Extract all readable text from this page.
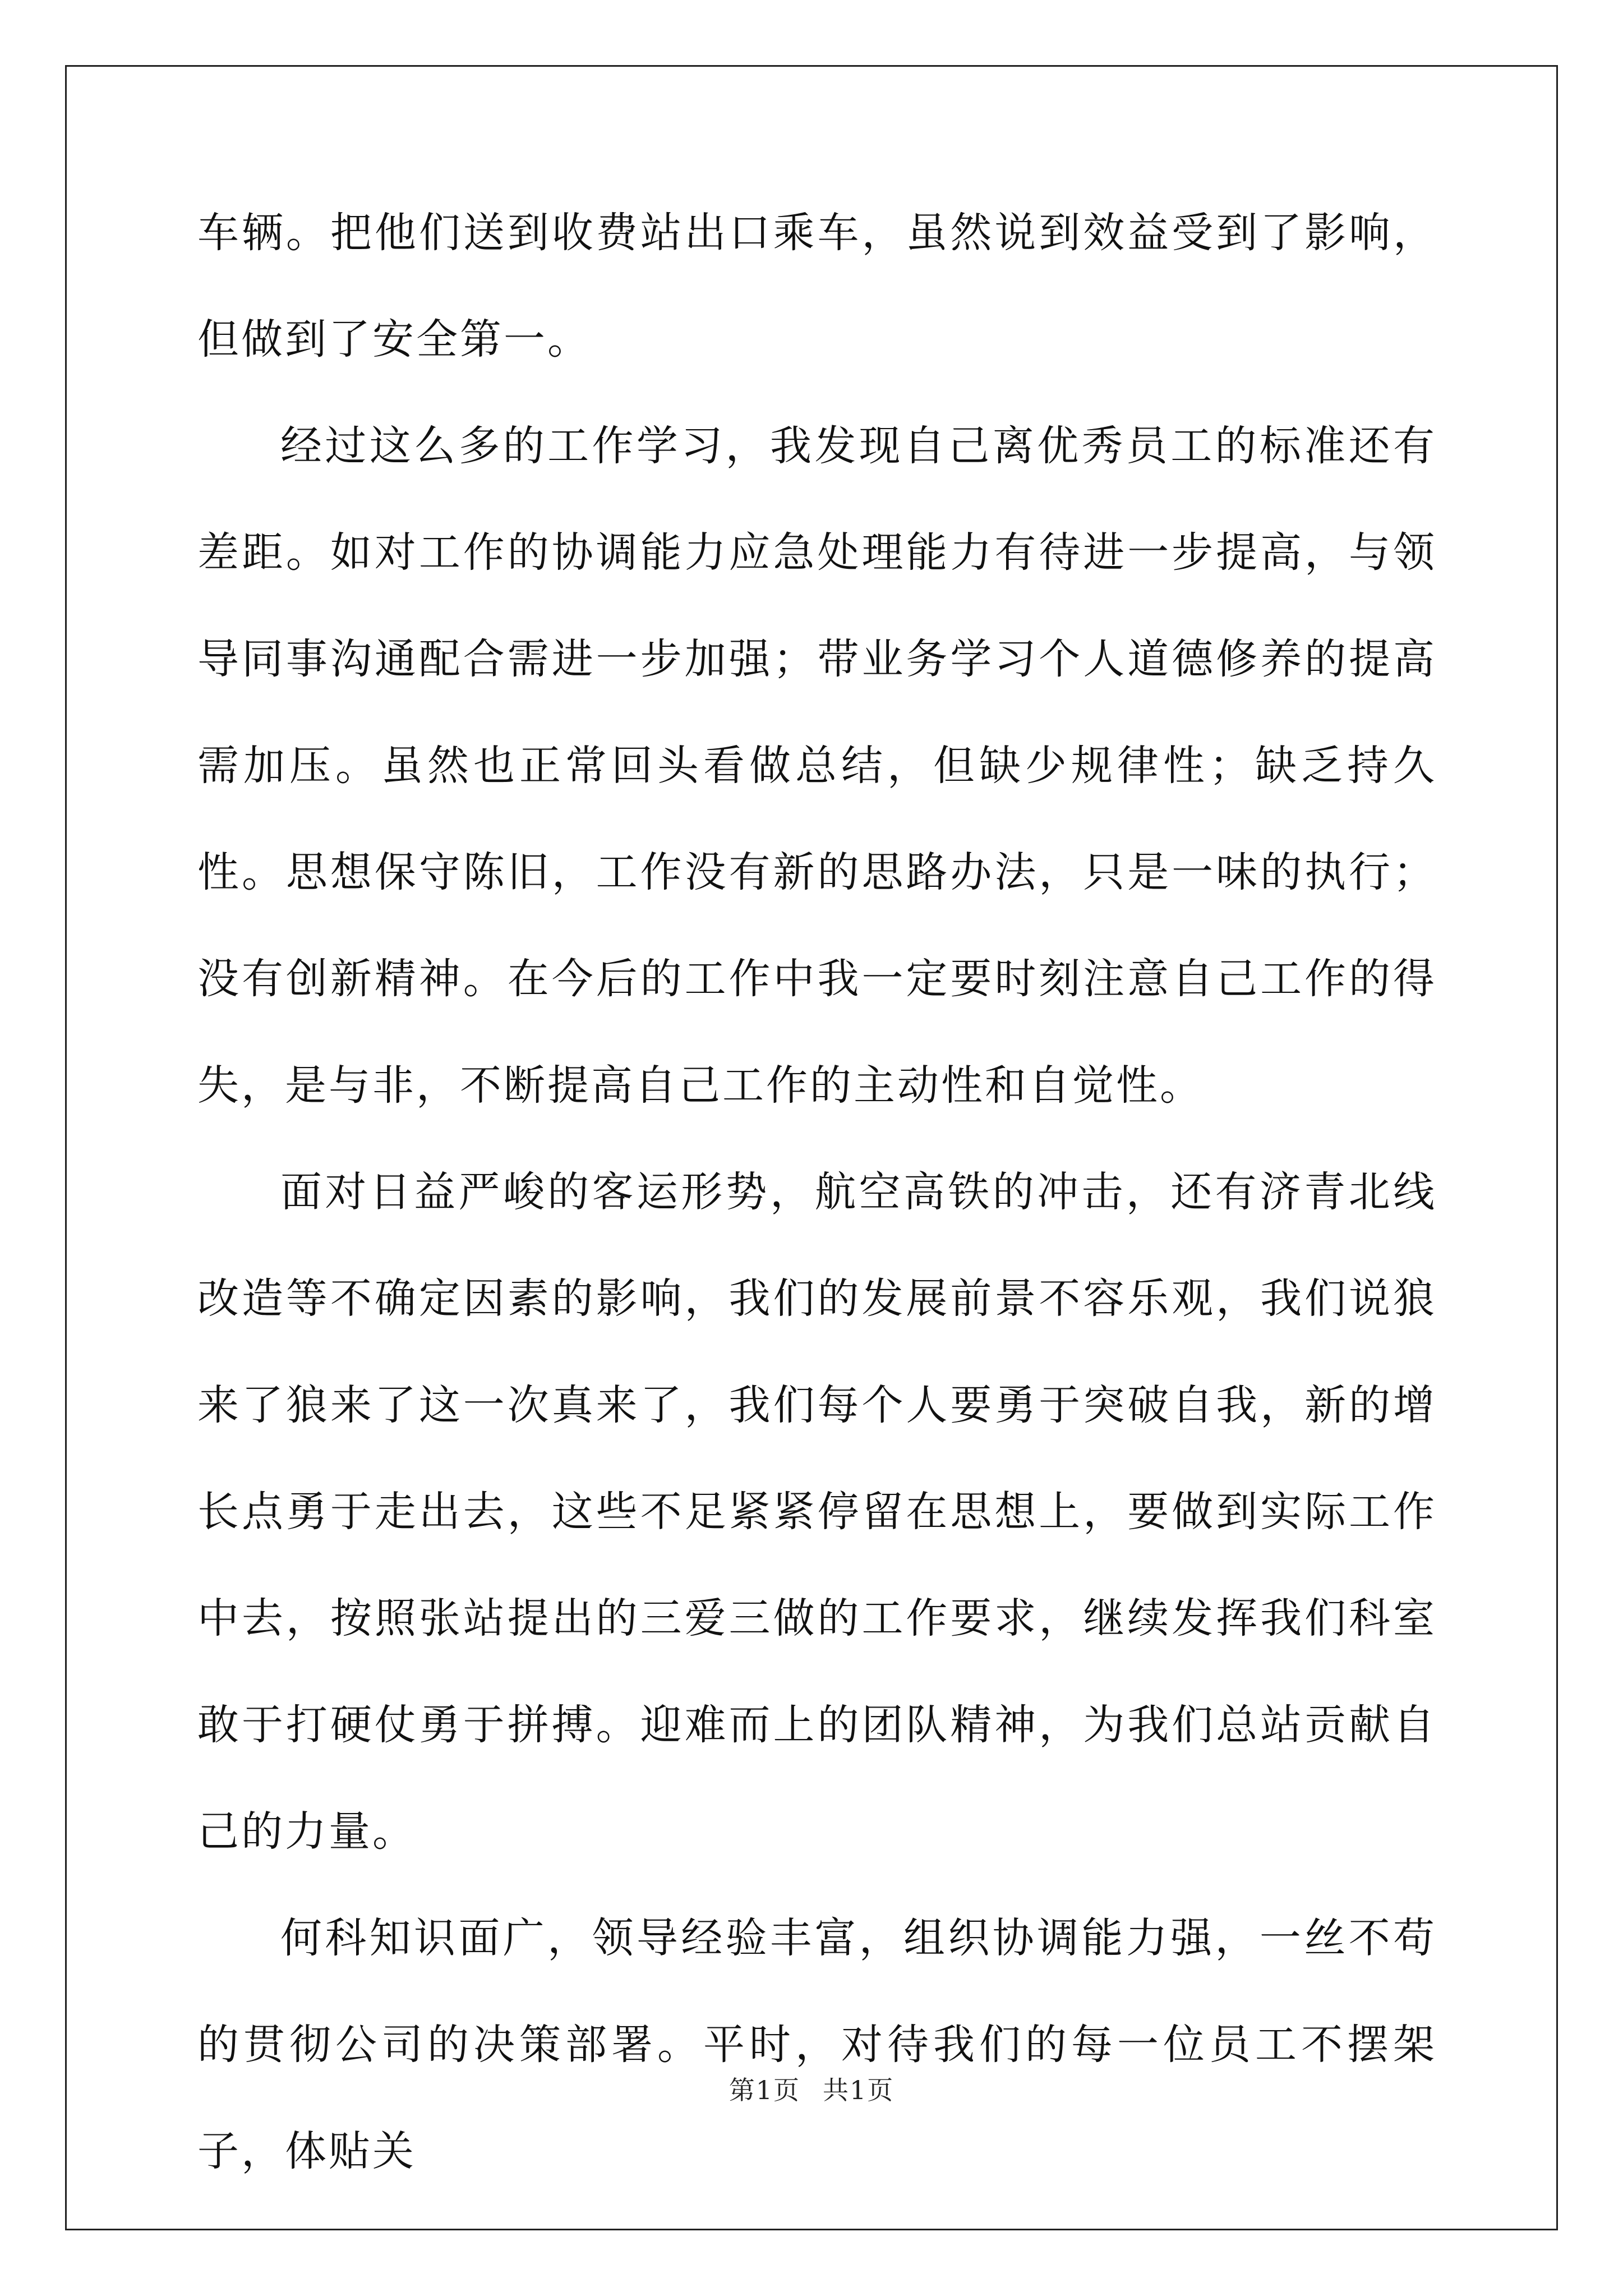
车辆。把他们送到收费站出口乘车，虽然说到效益受到了影响，但做到了安全第一。

经过这么多的工作学习，我发现自己离优秀员工的标准还有差距。如对工作的协调能力应急处理能力有待进一步提高，与领导同事沟通配合需进一步加强；带业务学习个人道德修养的提高需加压。虽然也正常回头看做总结，但缺少规律性；缺乏持久性。思想保守陈旧，工作没有新的思路办法，只是一味的执行；没有创新精神。在今后的工作中我一定要时刻注意自己工作的得失，是与非，不断提高自己工作的主动性和自觉性。

面对日益严峻的客运形势，航空高铁的冲击，还有济青北线改造等不确定因素的影响，我们的发展前景不容乐观，我们说狼来了狼来了这一次真来了，我们每个人要勇于突破自我，新的增长点勇于走出去，这些不足紧紧停留在思想上，要做到实际工作中去，按照张站提出的三爱三做的工作要求，继续发挥我们科室敢于打硬仗勇于拼搏。迎难而上的团队精神，为我们总站贡献自己的力量。

何科知识面广，领导经验丰富，组织协调能力强，一丝不苟的贯彻公司的决策部署。平时，对待我们的每一位员工不摆架子，体贴关

第1页 共1页
